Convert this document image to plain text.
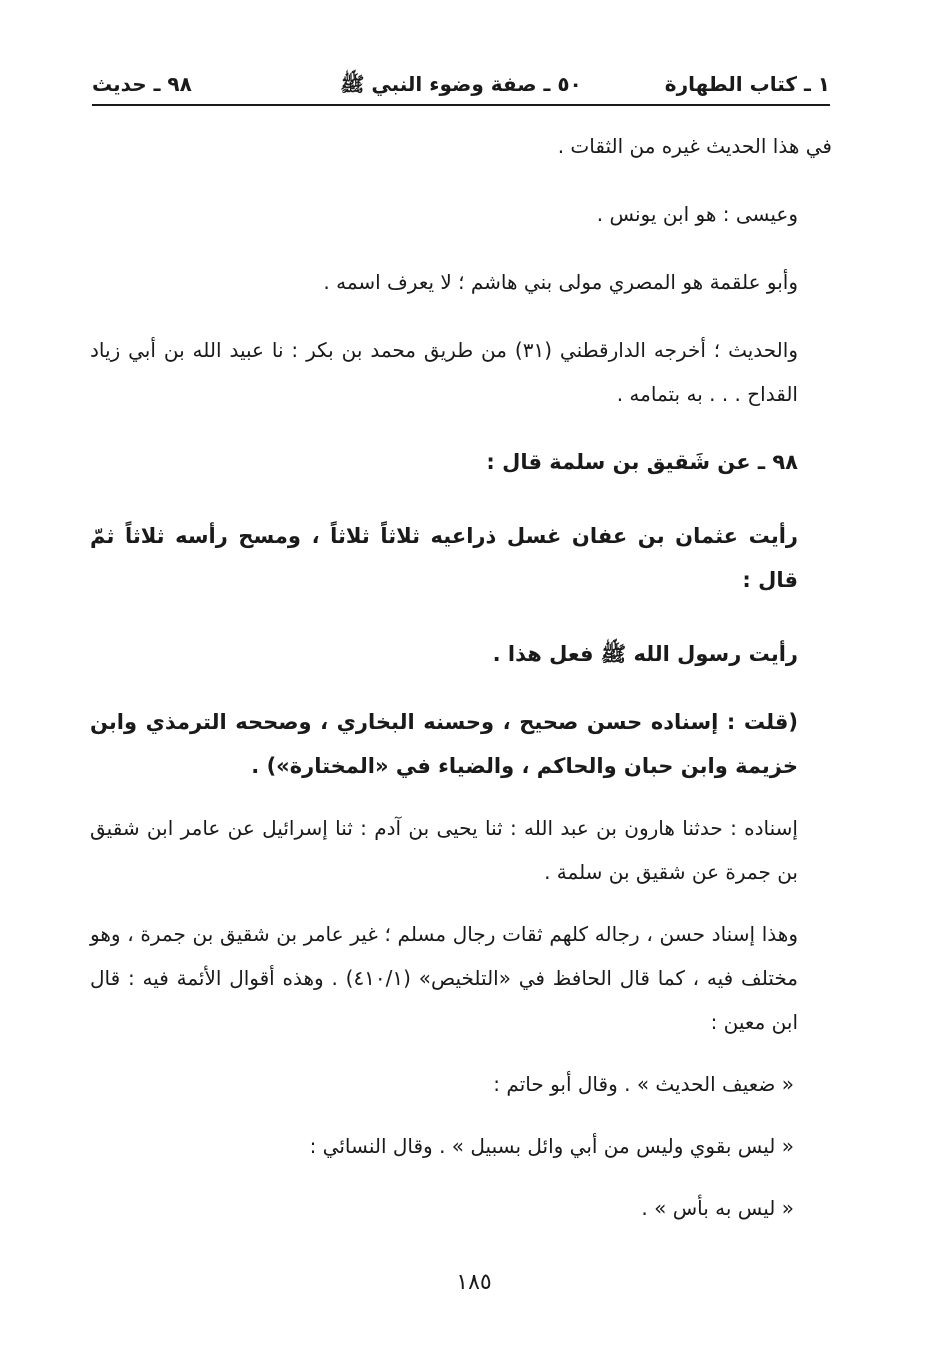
١ ـ كتاب الطهارة
٥٠ ـ صفة وضوء النبي ﷺ
٩٨ ـ حديث
في هذا الحديث غيره من الثقات .
وعيسى : هو ابن يونس .
وأبو علقمة هو المصري مولى بني هاشم ؛ لا يعرف اسمه .
والحديث ؛ أخرجه الدارقطني (٣١) من طريق محمد بن بكر : نا عبيد الله بن أبي زياد القداح . . . به بتمامه .
٩٨ ـ عن شَقيق بن سلمة قال :
رأيت عثمان بن عفان غسل ذراعيه ثلاثاً ثلاثاً ، ومسح رأسه ثلاثاً ثمّ قال :
رأيت رسول الله ﷺ فعل هذا .
(قلت : إسناده حسن صحيح ، وحسنه البخاري ، وصححه الترمذي وابن خزيمة وابن حبان والحاكم ، والضياء في «المختارة») .
إسناده : حدثنا هارون بن عبد الله : ثنا يحيى بن آدم : ثنا إسرائيل عن عامر ابن شقيق بن جمرة عن شقيق بن سلمة .
وهذا إسناد حسن ، رجاله كلهم ثقات رجال مسلم ؛ غير عامر بن شقيق بن جمرة ، وهو مختلف فيه ، كما قال الحافظ في «التلخيص» (٤١٠/١) . وهذه أقوال الأئمة فيه : قال ابن معين :
« ضعيف الحديث » . وقال أبو حاتم :
« ليس بقوي وليس من أبي وائل بسبيل » . وقال النسائي :
« ليس به بأس » .
١٨٥
